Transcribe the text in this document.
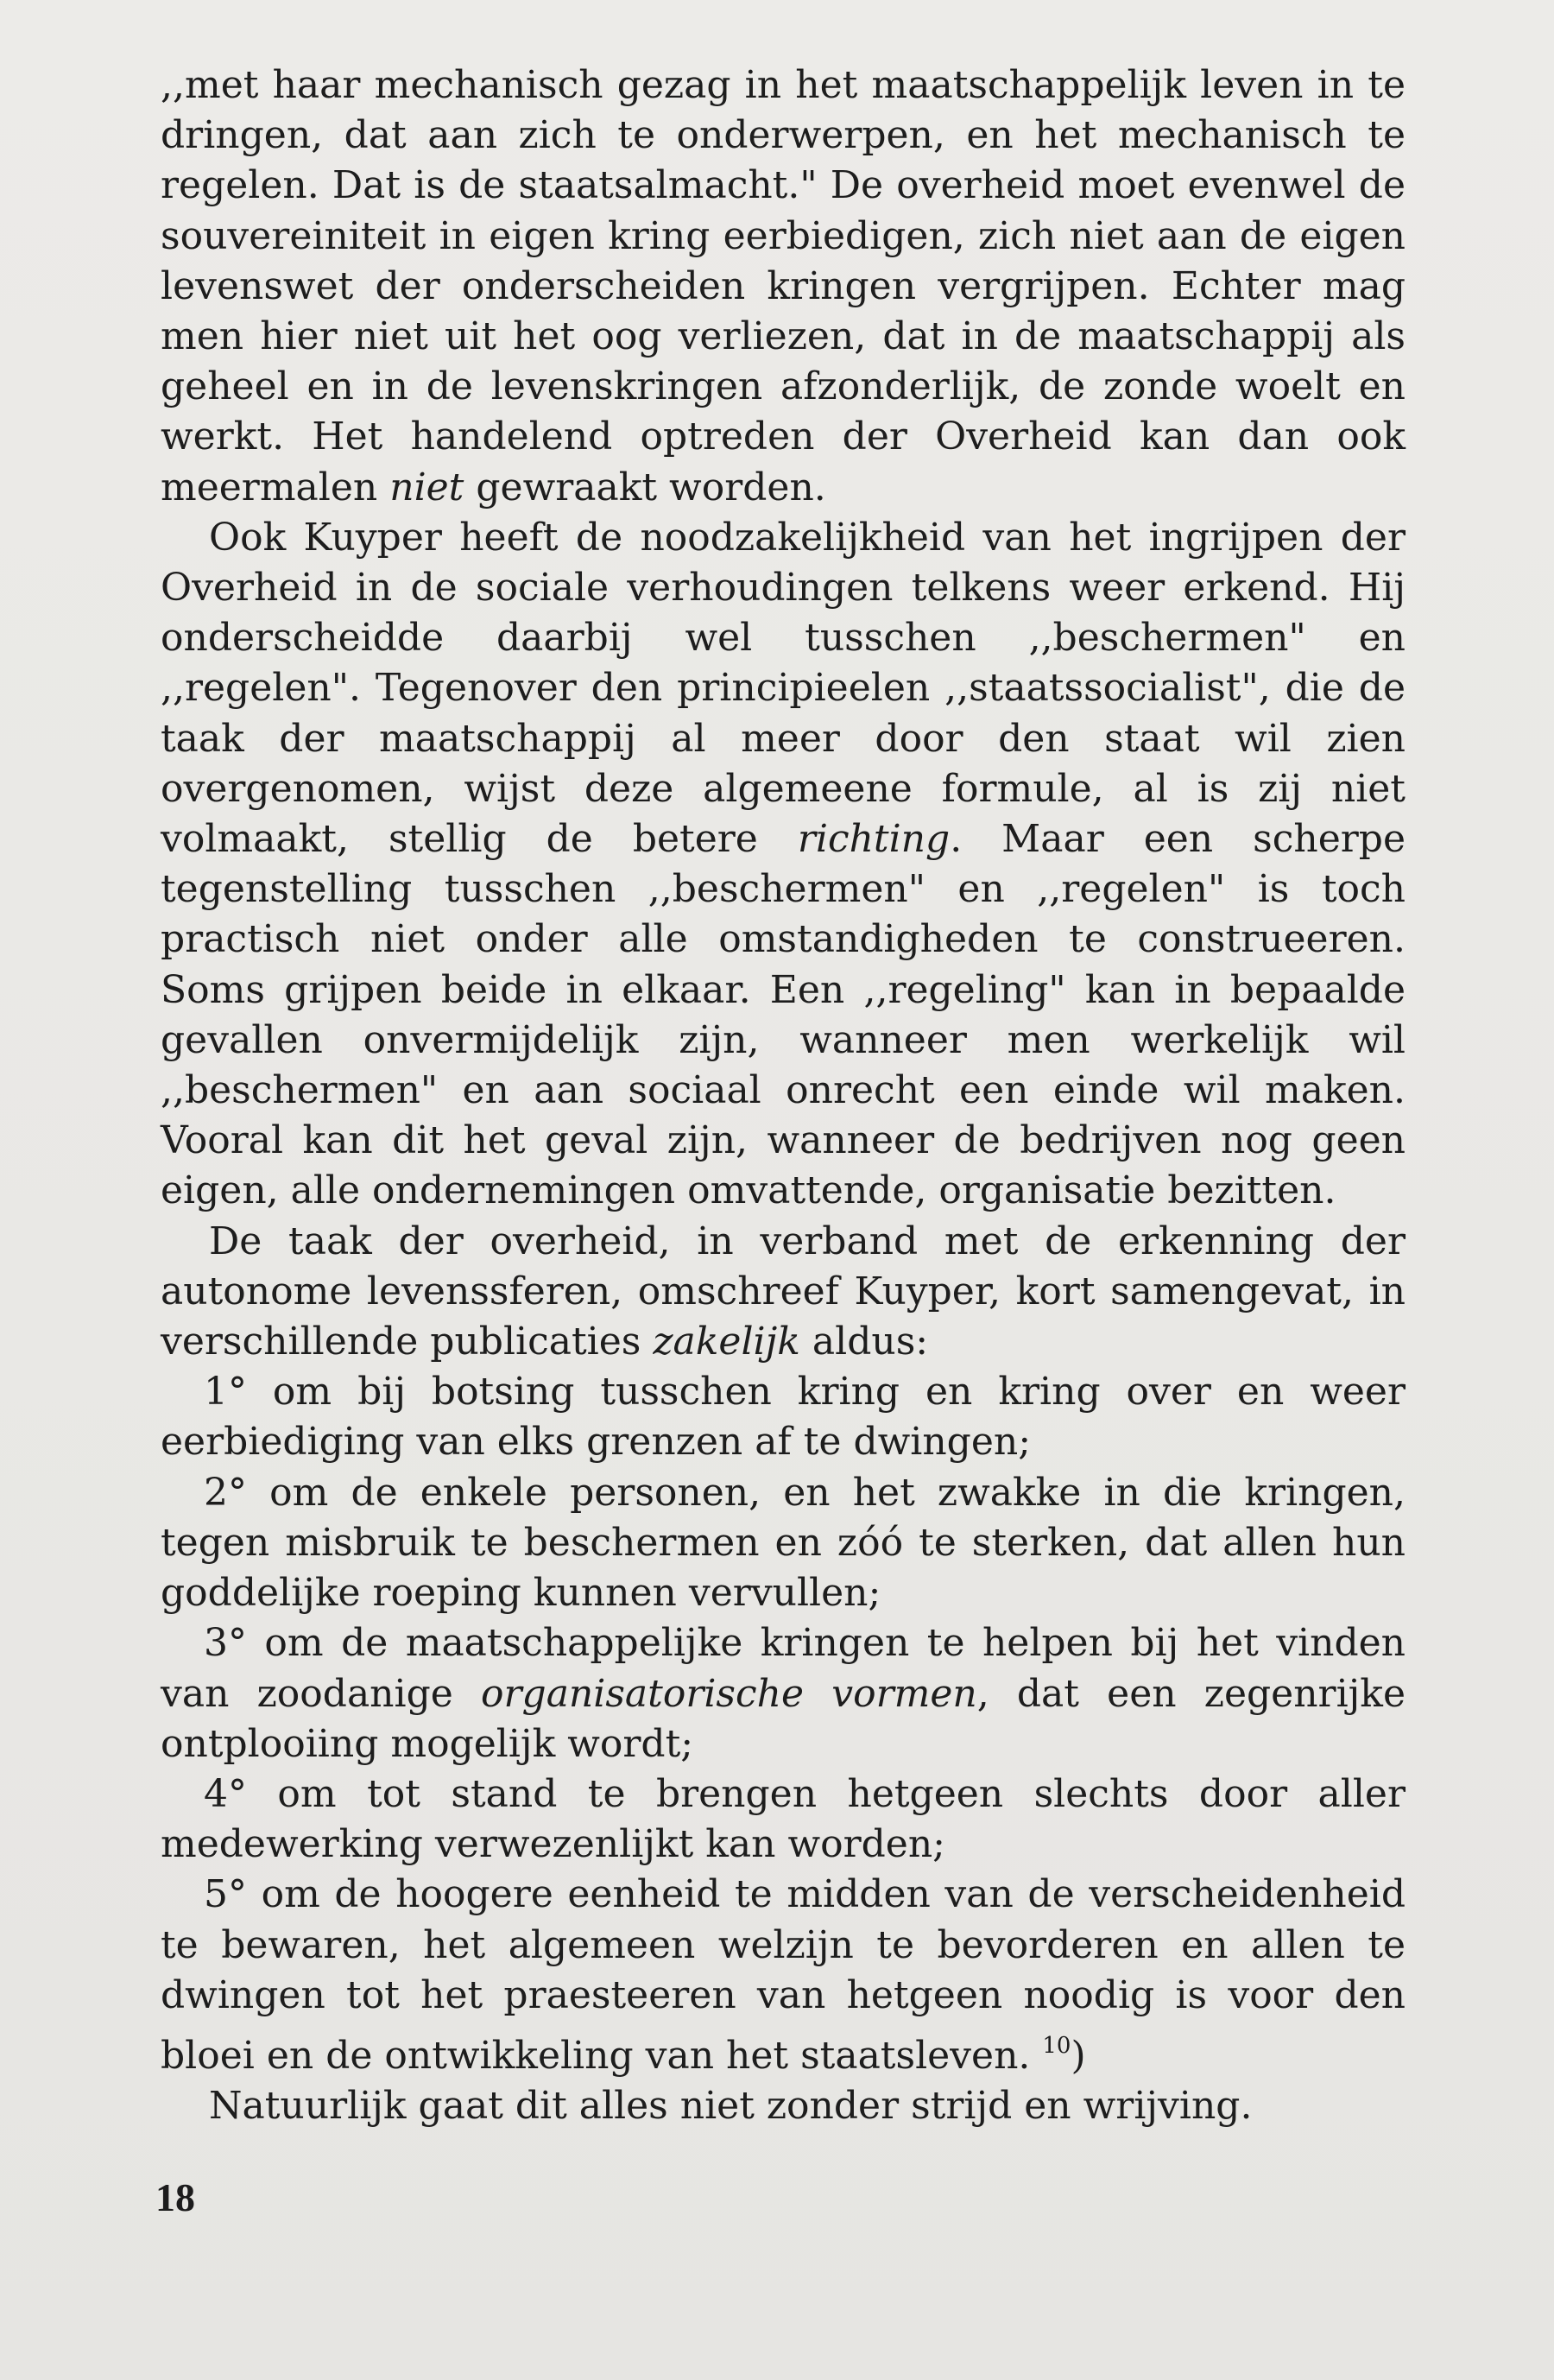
,,met haar mechanisch gezag in het maatschappelijk leven in te dringen, dat aan zich te onderwerpen, en het mechanisch te regelen. Dat is de staatsalmacht." De overheid moet evenwel de souvereiniteit in eigen kring eerbiedigen, zich niet aan de eigen levenswet der onderscheiden kringen vergrijpen. Echter mag men hier niet uit het oog verliezen, dat in de maatschappij als geheel en in de levenskringen afzonderlijk, de zonde woelt en werkt. Het handelend optreden der Overheid kan dan ook meermalen niet gewraakt worden.

Ook Kuyper heeft de noodzakelijkheid van het ingrijpen der Overheid in de sociale verhoudingen telkens weer erkend. Hij onderscheidde daarbij wel tusschen ,,beschermen" en ,,regelen". Tegenover den principieelen ,,staatssocialist", die de taak der maatschappij al meer door den staat wil zien overgenomen, wijst deze algemeene formule, al is zij niet volmaakt, stellig de betere richting. Maar een scherpe tegenstelling tusschen ,,beschermen" en ,,regelen" is toch practisch niet onder alle omstandigheden te construeeren. Soms grijpen beide in elkaar. Een ,,regeling" kan in bepaalde gevallen onvermijdelijk zijn, wanneer men werkelijk wil ,,beschermen" en aan sociaal onrecht een einde wil maken. Vooral kan dit het geval zijn, wanneer de bedrijven nog geen eigen, alle ondernemingen omvattende, organisatie bezitten.

De taak der overheid, in verband met de erkenning der autonome levenssferen, omschreef Kuyper, kort samengevat, in verschillende publicaties zakelijk aldus:

1° om bij botsing tusschen kring en kring over en weer eerbiediging van elks grenzen af te dwingen;

2° om de enkele personen, en het zwakke in die kringen, tegen misbruik te beschermen en zóó te sterken, dat allen hun goddelijke roeping kunnen vervullen;

3° om de maatschappelijke kringen te helpen bij het vinden van zoodanige organisatorische vormen, dat een zegenrijke ontplooiing mogelijk wordt;

4° om tot stand te brengen hetgeen slechts door aller medewerking verwezenlijkt kan worden;

5° om de hoogere eenheid te midden van de verscheidenheid te bewaren, het algemeen welzijn te bevorderen en allen te dwingen tot het praesteeren van hetgeen noodig is voor den bloei en de ontwikkeling van het staatsleven. $^{10}$)

Natuurlijk gaat dit alles niet zonder strijd en wrijving.

18
